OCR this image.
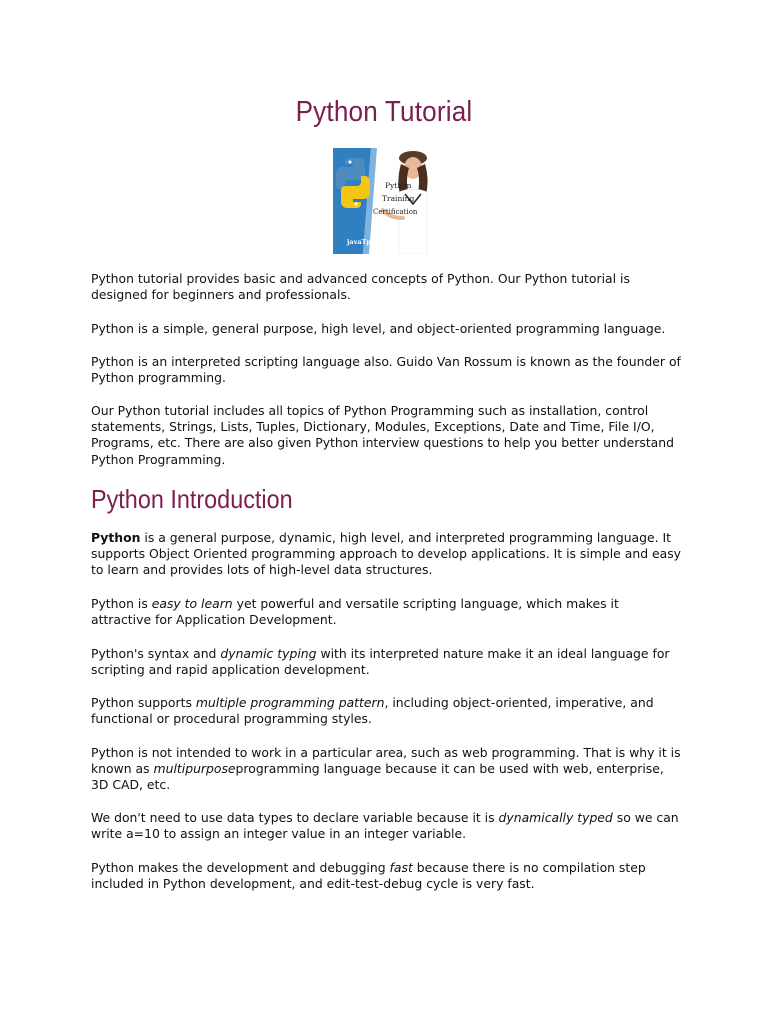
Python Tutorial
Python
Training
Certification
javaTpoint

Python tutorial provides basic and advanced concepts of Python. Our Python tutorial is designed for beginners and professionals.

Python is a simple, general purpose, high level, and object-oriented programming language.

Python is an interpreted scripting language also. Guido Van Rossum is known as the founder of Python programming.

Our Python tutorial includes all topics of Python Programming such as installation, control statements, Strings, Lists, Tuples, Dictionary, Modules, Exceptions, Date and Time, File I/O, Programs, etc. There are also given Python interview questions to help you better understand Python Programming.

Python Introduction

Python is a general purpose, dynamic, high level, and interpreted programming language. It supports Object Oriented programming approach to develop applications. It is simple and easy to learn and provides lots of high-level data structures.

Python is easy to learn yet powerful and versatile scripting language, which makes it attractive for Application Development.

Python's syntax and dynamic typing with its interpreted nature make it an ideal language for scripting and rapid application development.

Python supports multiple programming pattern, including object-oriented, imperative, and functional or procedural programming styles.

Python is not intended to work in a particular area, such as web programming. That is why it is known as multipurposeprogramming language because it can be used with web, enterprise, 3D CAD, etc.

We don't need to use data types to declare variable because it is dynamically typed so we can write a=10 to assign an integer value in an integer variable.

Python makes the development and debugging fast because there is no compilation step included in Python development, and edit-test-debug cycle is very fast.
